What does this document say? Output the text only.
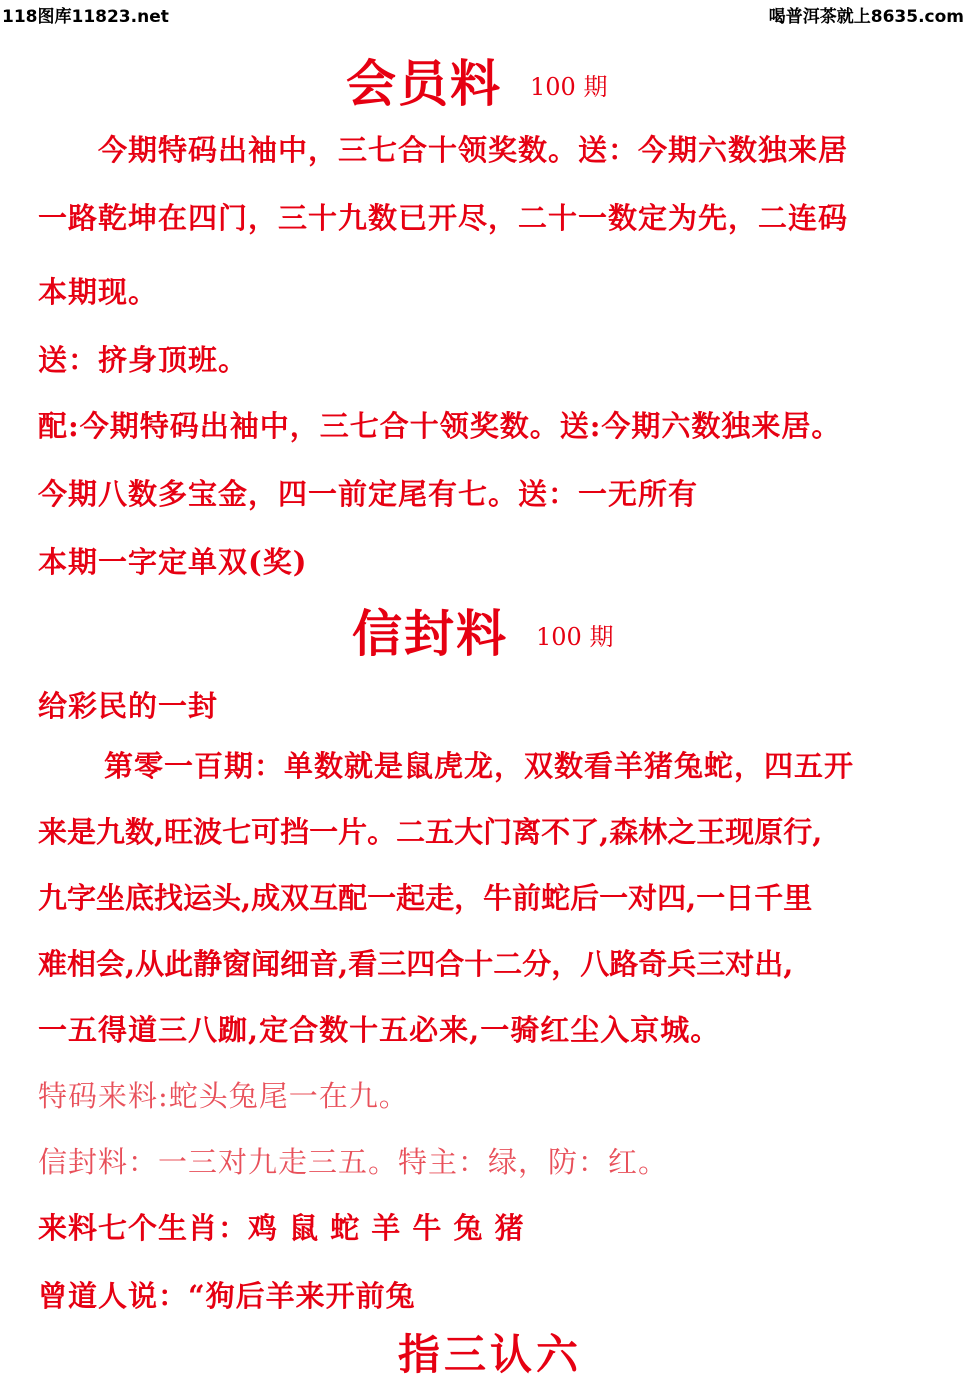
118图库11823.net	喝普洱茶就上8635.com
会员料 100 期
今期特码出袖中，三七合十领奖数。送：今期六数独来居
一路乾坤在四门，三十九数已开尽，二十一数定为先，二连码
本期现。
送：挤身顶班。
配:今期特码出袖中，三七合十领奖数。送:今期六数独来居。
今期八数多宝金，四一前定尾有七。送：一无所有
本期一字定单双(奖)
信封料 100 期
给彩民的一封
第零一百期：单数就是鼠虎龙，双数看羊猪兔蛇，四五开
来是九数,旺波七可挡一片。二五大门离不了,森林之王现原行,
九字坐底找运头,成双互配一起走，牛前蛇后一对四,一日千里
难相会,从此静窗闻细音,看三四合十二分，八路奇兵三对出,
一五得道三八跏,定合数十五必来,一骑红尘入京城。
特码来料:蛇头兔尾一在九。
信封料：一三对九走三五。特主：绿，防：红。
来料七个生肖：鸡 鼠 蛇 羊 牛 兔 猪
曾道人说：“狗后羊来开前兔
指三认六
